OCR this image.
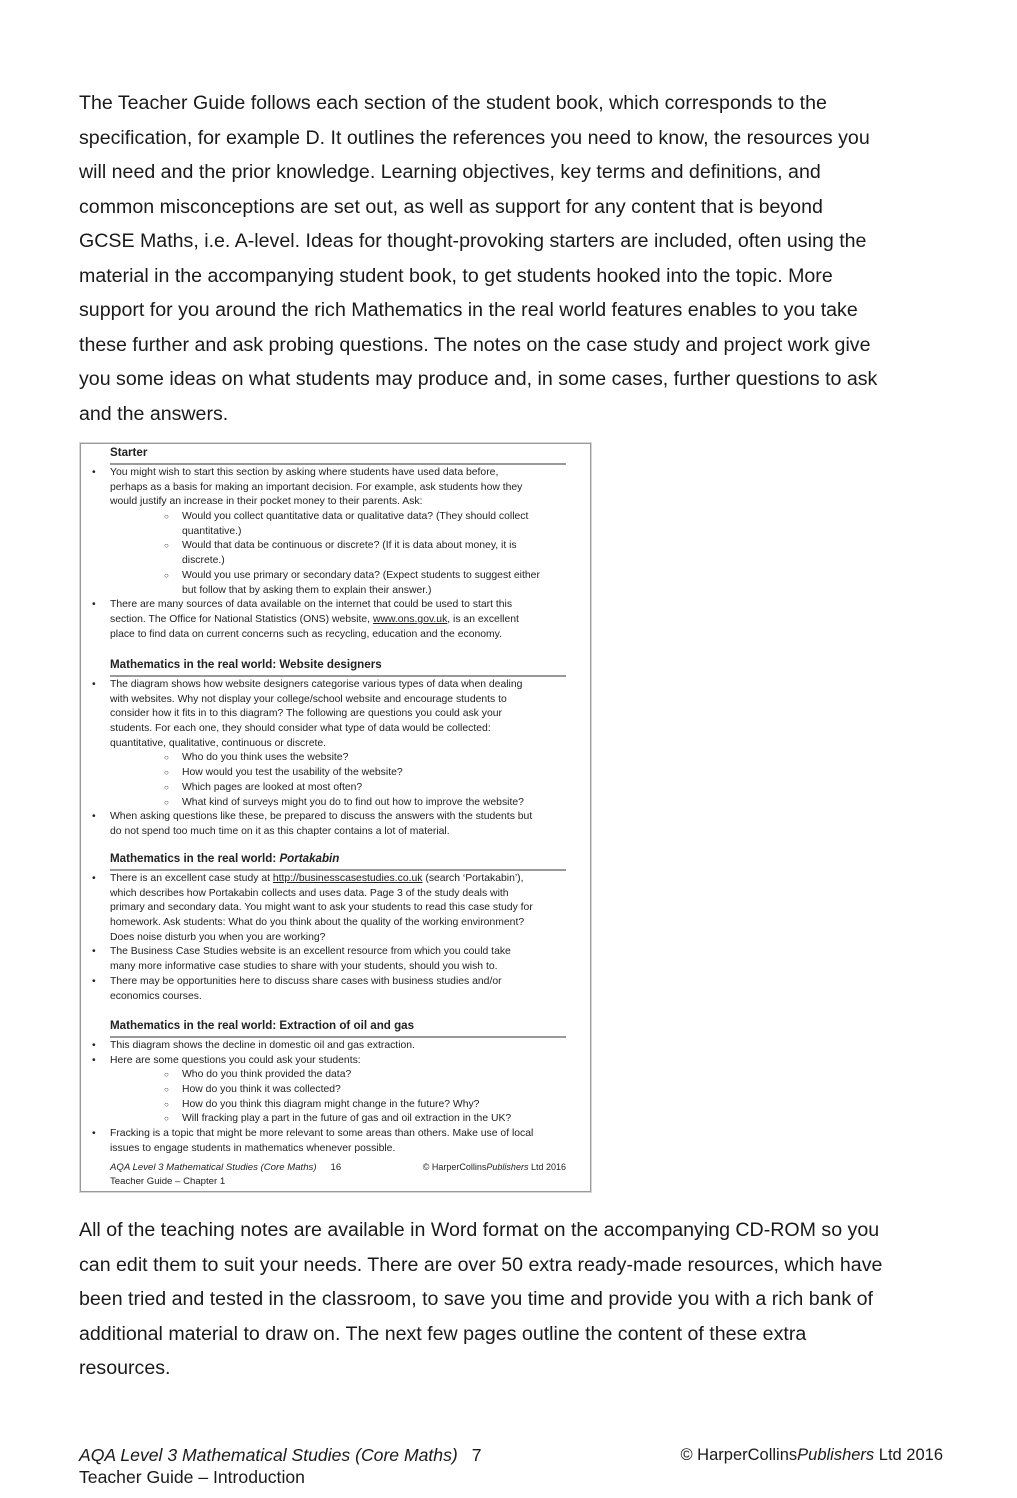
The Teacher Guide follows each section of the student book, which corresponds to the
specification, for example D. It outlines the references you need to know, the resources you
will need and the prior knowledge. Learning objectives, key terms and definitions, and
common misconceptions are set out, as well as support for any content that is beyond
GCSE Maths, i.e. A-level. Ideas for thought-provoking starters are included, often using the
material in the accompanying student book, to get students hooked into the topic. More
support for you around the rich Mathematics in the real world features enables to you take
these further and ask probing questions. The notes on the case study and project work give
you some ideas on what students may produce and, in some cases, further questions to ask
and the answers.
Starter
• You might wish to start this section by asking where students have used data before,
perhaps as a basis for making an important decision. For example, ask students how they
would justify an increase in their pocket money to their parents. Ask:
○ Would you collect quantitative data or qualitative data? (They should collect
quantitative.)
○ Would that data be continuous or discrete? (If it is data about money, it is
discrete.)
○ Would you use primary or secondary data? (Expect students to suggest either
but follow that by asking them to explain their answer.)
• There are many sources of data available on the internet that could be used to start this
section. The Office for National Statistics (ONS) website, www.ons.gov.uk, is an excellent
place to find data on current concerns such as recycling, education and the economy.
Mathematics in the real world: Website designers
• The diagram shows how website designers categorise various types of data when dealing
with websites. Why not display your college/school website and encourage students to
consider how it fits in to this diagram? The following are questions you could ask your
students. For each one, they should consider what type of data would be collected:
quantitative, qualitative, continuous or discrete.
○ Who do you think uses the website?
○ How would you test the usability of the website?
○ Which pages are looked at most often?
○ What kind of surveys might you do to find out how to improve the website?
• When asking questions like these, be prepared to discuss the answers with the students but
do not spend too much time on it as this chapter contains a lot of material.
Mathematics in the real world: Portakabin
• There is an excellent case study at http://businesscasestudies.co.uk (search ‘Portakabin’),
which describes how Portakabin collects and uses data. Page 3 of the study deals with
primary and secondary data. You might want to ask your students to read this case study for
homework. Ask students: What do you think about the quality of the working environment?
Does noise disturb you when you are working?
• The Business Case Studies website is an excellent resource from which you could take
many more informative case studies to share with your students, should you wish to.
• There may be opportunities here to discuss share cases with business studies and/or
economics courses.
Mathematics in the real world: Extraction of oil and gas
• This diagram shows the decline in domestic oil and gas extraction.
• Here are some questions you could ask your students:
○ Who do you think provided the data?
○ How do you think it was collected?
○ How do you think this diagram might change in the future? Why?
○ Will fracking play a part in the future of gas and oil extraction in the UK?
• Fracking is a topic that might be more relevant to some areas than others. Make use of local
issues to engage students in mathematics whenever possible.
AQA Level 3 Mathematical Studies (Core Maths) 16
Teacher Guide – Chapter 1
© HarperCollinsPublishers Ltd 2016
All of the teaching notes are available in Word format on the accompanying CD-ROM so you
can edit them to suit your needs. There are over 50 extra ready-made resources, which have
been tried and tested in the classroom, to save you time and provide you with a rich bank of
additional material to draw on. The next few pages outline the content of these extra
resources.
AQA Level 3 Mathematical Studies (Core Maths) 7
Teacher Guide – Introduction
© HarperCollinsPublishers Ltd 2016
